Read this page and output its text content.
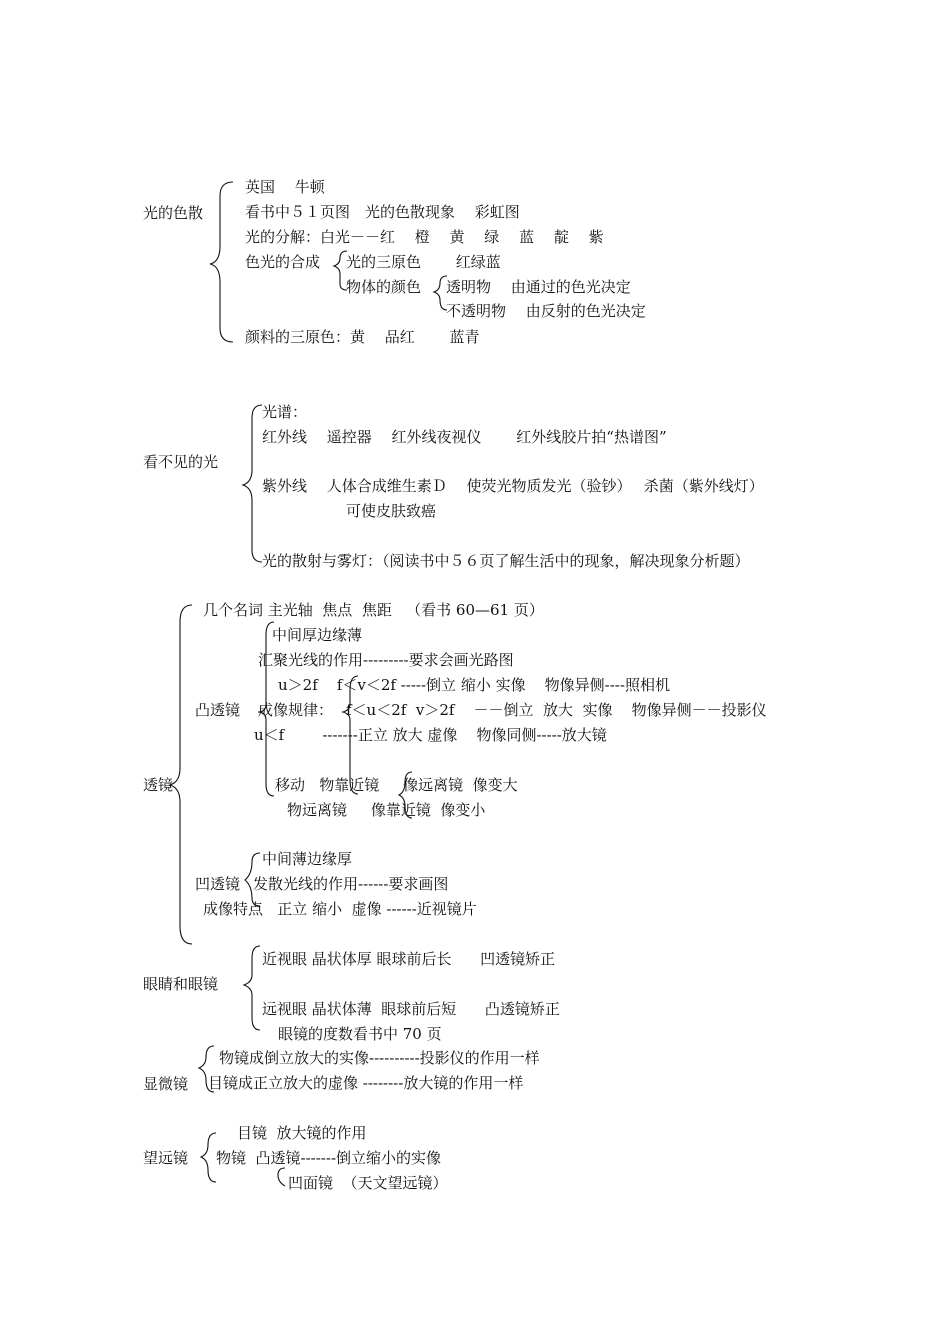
光的色散
英国　 牛顿
看书中５１页图　光的色散现象　 彩虹图
光的分解：白光－－红　 橙　 黄　 绿　 蓝　 靛　 紫
色光的合成 光的三原色　　 红绿蓝
物体的颜色 透明物　 由通过的色光决定
不透明物　 由反射的色光决定
颜料的三原色：黄　 品红　　 蓝青
看不见的光
光谱：
红外线　 遥控器　 红外线夜视仪　　 红外线胶片拍“热谱图”
紫外线　 人体合成维生素Ｄ　 使荧光物质发光（验钞）　 杀菌（紫外线灯）
可使皮肤致癌
光的散射与雾灯：（阅读书中５６页了解生活中的现象，解决现象分析题）
透镜
几个名词 主光轴  焦点  焦距   （看书 60—61 页）
凸透镜
中间厚边缘薄
汇聚光线的作用---------要求会画光路图
u＞2f    f＜v＜2f -----倒立 缩小 实像    物像异侧----照相机
成像规律： f＜u＜2f  v＞2f    －－倒立  放大  实像    物像异侧－－投影仪
u＜f        -------正立 放大 虚像    物像同侧-----放大镜
移动   物靠近镜     像远离镜  像变大
物远离镜     像靠近镜  像变小
凹透镜
中间薄边缘厚
发散光线的作用------要求画图
成像特点   正立 缩小  虚像 ------近视镜片
眼睛和眼镜
近视眼 晶状体厚 眼球前后长      凹透镜矫正
远视眼 晶状体薄  眼球前后短      凸透镜矫正
眼镜的度数看书中 70 页
显微镜
物镜成倒立放大的实像----------投影仪的作用一样
目镜成正立放大的虚像 --------放大镜的作用一样
望远镜
目镜  放大镜的作用
物镜  凸透镜-------倒立缩小的实像
凹面镜  （天文望远镜）
